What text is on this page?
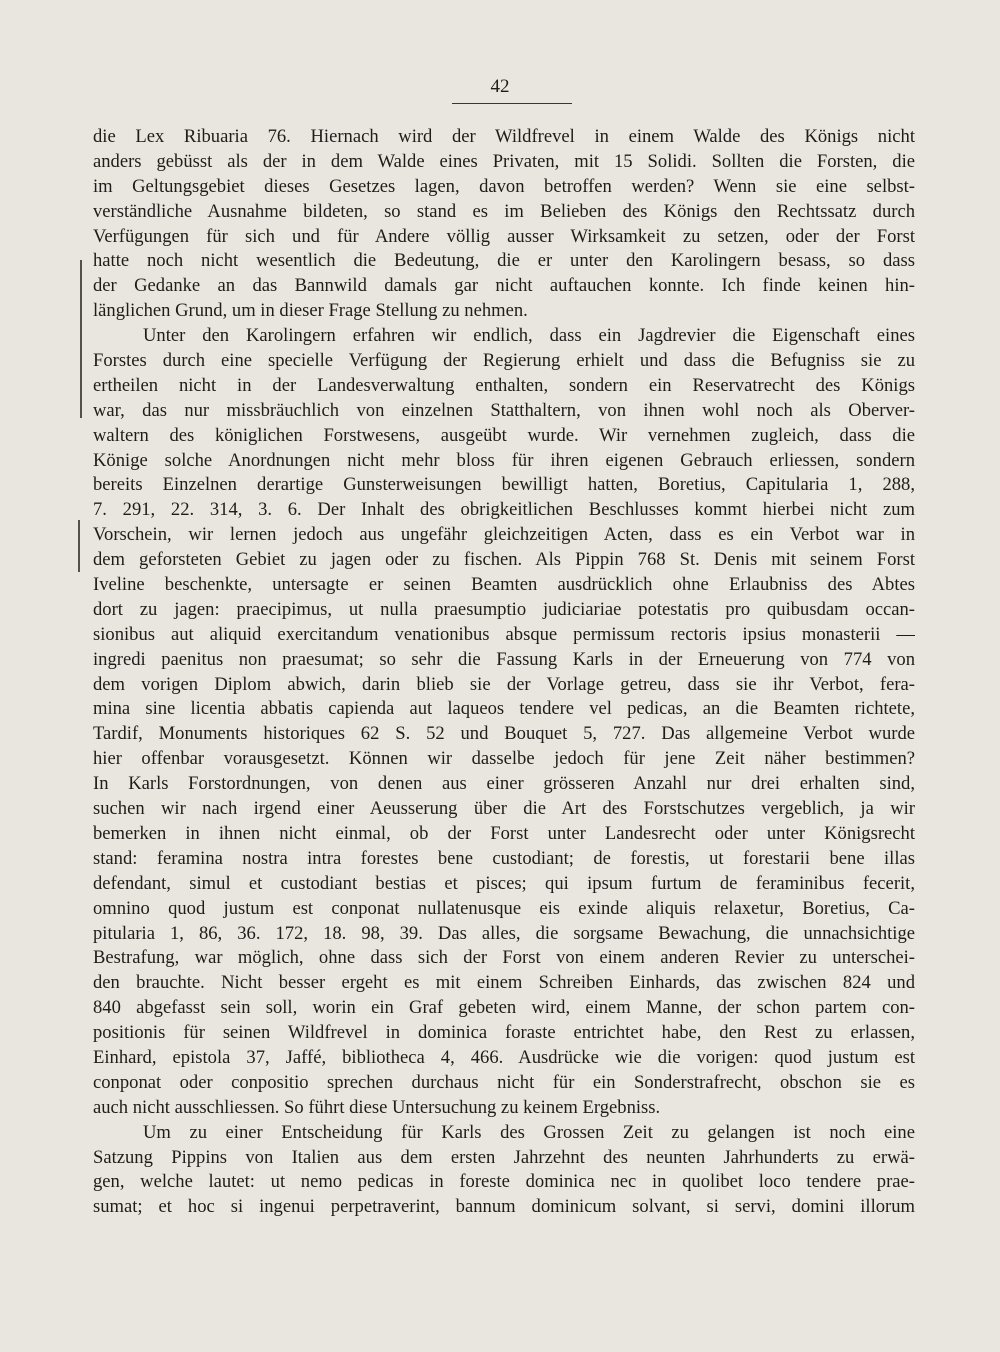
42
die Lex Ribuaria 76. Hiernach wird der Wildfrevel in einem Walde des Königs nicht
anders gebüsst als der in dem Walde eines Privaten, mit 15 Solidi. Sollten die Forsten, die
im Geltungsgebiet dieses Gesetzes lagen, davon betroffen werden? Wenn sie eine selbst-
verständliche Ausnahme bildeten, so stand es im Belieben des Königs den Rechtssatz durch
Verfügungen für sich und für Andere völlig ausser Wirksamkeit zu setzen, oder der Forst
hatte noch nicht wesentlich die Bedeutung, die er unter den Karolingern besass, so dass
der Gedanke an das Bannwild damals gar nicht auftauchen konnte. Ich finde keinen hin-
länglichen Grund, um in dieser Frage Stellung zu nehmen.
Unter den Karolingern erfahren wir endlich, dass ein Jagdrevier die Eigenschaft eines
Forstes durch eine specielle Verfügung der Regierung erhielt und dass die Befugniss sie zu
ertheilen nicht in der Landesverwaltung enthalten, sondern ein Reservatrecht des Königs
war, das nur missbräuchlich von einzelnen Statthaltern, von ihnen wohl noch als Oberver-
waltern des königlichen Forstwesens, ausgeübt wurde. Wir vernehmen zugleich, dass die
Könige solche Anordnungen nicht mehr bloss für ihren eigenen Gebrauch erliessen, sondern
bereits Einzelnen derartige Gunsterweisungen bewilligt hatten, Boretius, Capitularia 1, 288,
7. 291, 22. 314, 3. 6. Der Inhalt des obrigkeitlichen Beschlusses kommt hierbei nicht zum
Vorschein, wir lernen jedoch aus ungefähr gleichzeitigen Acten, dass es ein Verbot war in
dem geforsteten Gebiet zu jagen oder zu fischen. Als Pippin 768 St. Denis mit seinem Forst
Iveline beschenkte, untersagte er seinen Beamten ausdrücklich ohne Erlaubniss des Abtes
dort zu jagen: praecipimus, ut nulla praesumptio judiciariae potestatis pro quibusdam occan-
sionibus aut aliquid exercitandum venationibus absque permissum rectoris ipsius monasterii —
ingredi paenitus non praesumat; so sehr die Fassung Karls in der Erneuerung von 774 von
dem vorigen Diplom abwich, darin blieb sie der Vorlage getreu, dass sie ihr Verbot, fera-
mina sine licentia abbatis capienda aut laqueos tendere vel pedicas, an die Beamten richtete,
Tardif, Monuments historiques 62 S. 52 und Bouquet 5, 727. Das allgemeine Verbot wurde
hier offenbar vorausgesetzt. Können wir dasselbe jedoch für jene Zeit näher bestimmen?
In Karls Forstordnungen, von denen aus einer grösseren Anzahl nur drei erhalten sind,
suchen wir nach irgend einer Aeusserung über die Art des Forstschutzes vergeblich, ja wir
bemerken in ihnen nicht einmal, ob der Forst unter Landesrecht oder unter Königsrecht
stand: feramina nostra intra forestes bene custodiant; de forestis, ut forestarii bene illas
defendant, simul et custodiant bestias et pisces; qui ipsum furtum de feraminibus fecerit,
omnino quod justum est conponat nullatenusque eis exinde aliquis relaxetur, Boretius, Ca-
pitularia 1, 86, 36. 172, 18. 98, 39. Das alles, die sorgsame Bewachung, die unnachsichtige
Bestrafung, war möglich, ohne dass sich der Forst von einem anderen Revier zu unterschei-
den brauchte. Nicht besser ergeht es mit einem Schreiben Einhards, das zwischen 824 und
840 abgefasst sein soll, worin ein Graf gebeten wird, einem Manne, der schon partem con-
positionis für seinen Wildfrevel in dominica foraste entrichtet habe, den Rest zu erlassen,
Einhard, epistola 37, Jaffé, bibliotheca 4, 466. Ausdrücke wie die vorigen: quod justum est
conponat oder conpositio sprechen durchaus nicht für ein Sonderstrafrecht, obschon sie es
auch nicht ausschliessen. So führt diese Untersuchung zu keinem Ergebniss.
Um zu einer Entscheidung für Karls des Grossen Zeit zu gelangen ist noch eine
Satzung Pippins von Italien aus dem ersten Jahrzehnt des neunten Jahrhunderts zu erwä-
gen, welche lautet: ut nemo pedicas in foreste dominica nec in quolibet loco tendere prae-
sumat; et hoc si ingenui perpetraverint, bannum dominicum solvant, si servi, domini illorum
